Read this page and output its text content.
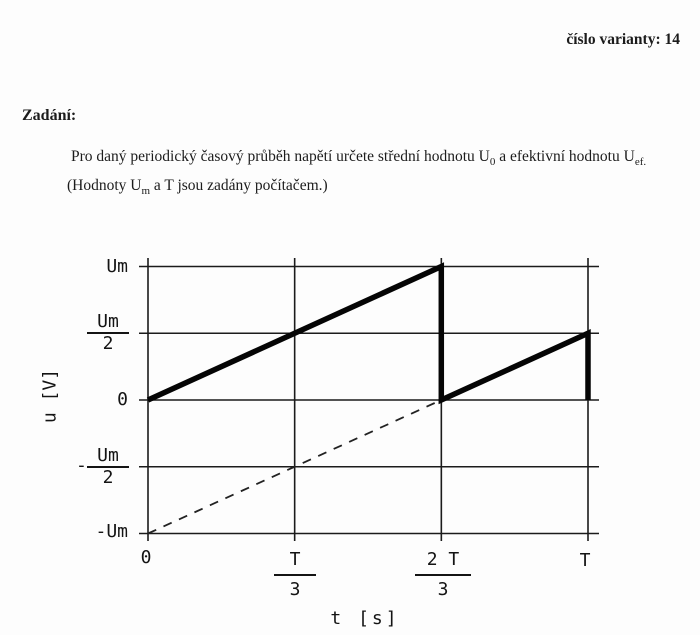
číslo varianty: 14
Zadání:
Pro daný periodický časový průběh napětí určete střední hodnotu $U_0$ a efektivní hodnotu $U_{ef.}$
(Hodnoty $U_m$ a T jsou zadány počítačem.)
Um
$\frac{Um}{2}$
0
- $\frac{Um}{2}$
-Um
u [V]
0	$\frac{T}{3}$	$\frac{2 T}{3}$	T
t [s]
